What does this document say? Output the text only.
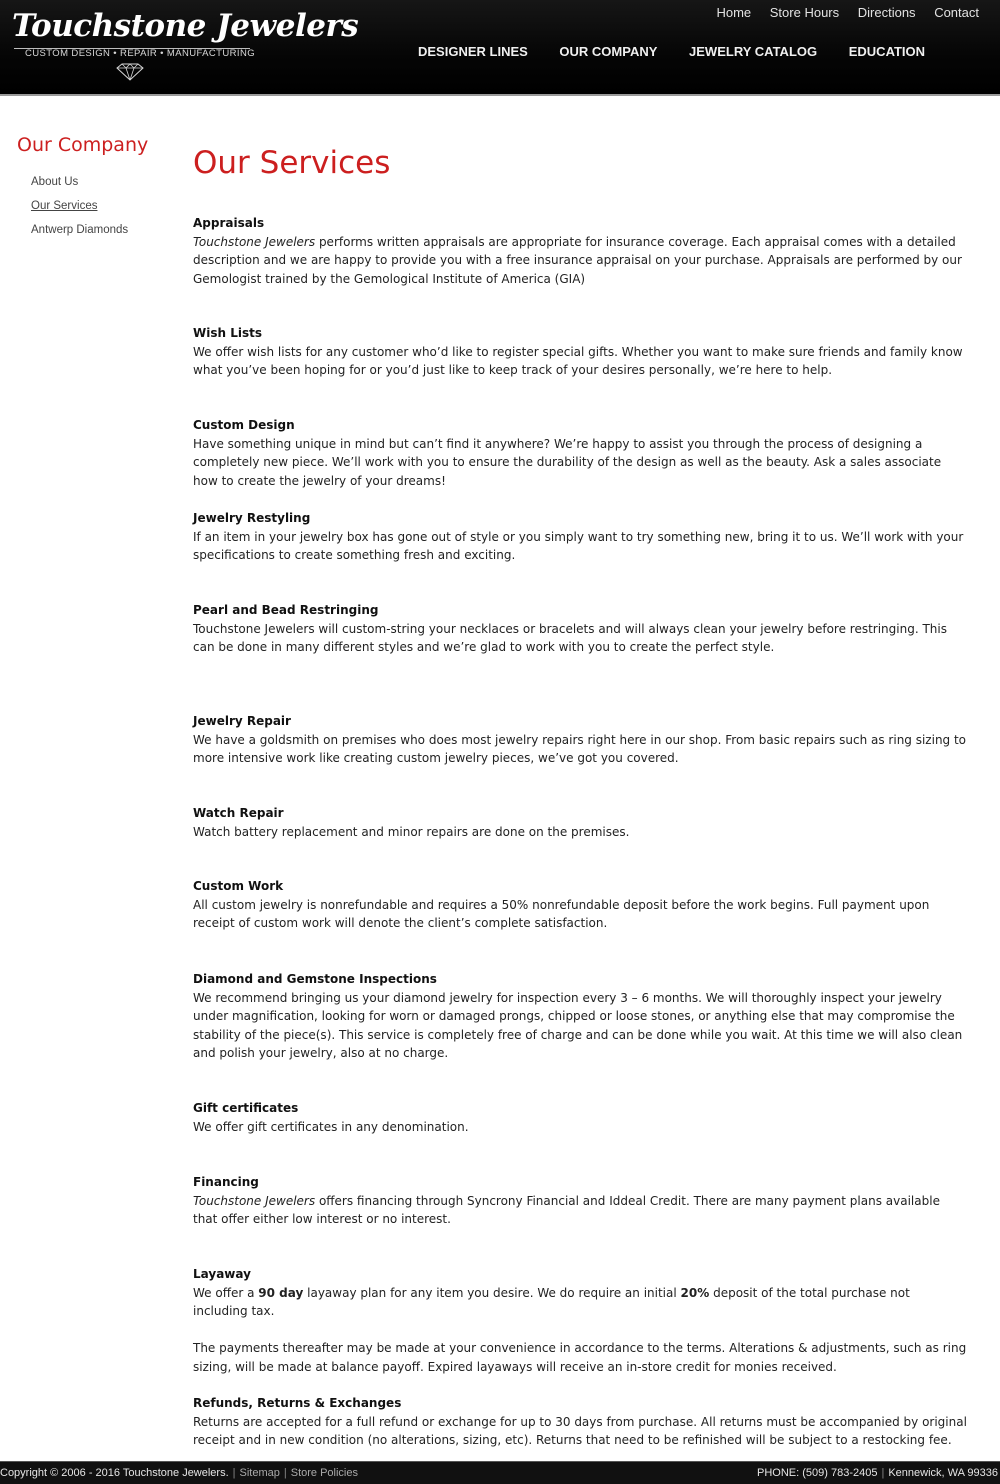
Touchstone Jewelers
CUSTOM DESIGN • REPAIR • MANUFACTURING
Home Store Hours Directions Contact
DESIGNER LINES OUR COMPANY JEWELRY CATALOG EDUCATION
Our Company
About Us
Our Services
Antwerp Diamonds
Our Services
Appraisals

Touchstone Jewelers performs written appraisals are appropriate for insurance coverage. Each appraisal comes with a detailed description and we are happy to provide you with a free insurance appraisal on your purchase. Appraisals are performed by our Gemologist trained by the Gemological Institute of America (GIA)

Wish Lists

We offer wish lists for any customer who’d like to register special gifts. Whether you want to make sure friends and family know what you’ve been hoping for or you’d just like to keep track of your desires personally, we’re here to help.

Custom Design

Have something unique in mind but can’t find it anywhere? We’re happy to assist you through the process of designing a completely new piece. We’ll work with you to ensure the durability of the design as well as the beauty. Ask a sales associate how to create the jewelry of your dreams!

Jewelry Restyling

If an item in your jewelry box has gone out of style or you simply want to try something new, bring it to us. We’ll work with your specifications to create something fresh and exciting.

Pearl and Bead Restringing

Touchstone Jewelers will custom-string your necklaces or bracelets and will always clean your jewelry before restringing. This can be done in many different styles and we’re glad to work with you to create the perfect style.

Jewelry Repair

We have a goldsmith on premises who does most jewelry repairs right here in our shop. From basic repairs such as ring sizing to more intensive work like creating custom jewelry pieces, we’ve got you covered.

Watch Repair

Watch battery replacement and minor repairs are done on the premises.

Custom Work

All custom jewelry is nonrefundable and requires a 50% nonrefundable deposit before the work begins. Full payment upon receipt of custom work will denote the client’s complete satisfaction.

Diamond and Gemstone Inspections

We recommend bringing us your diamond jewelry for inspection every 3 – 6 months. We will thoroughly inspect your jewelry under magnification, looking for worn or damaged prongs, chipped or loose stones, or anything else that may compromise the stability of the piece(s). This service is completely free of charge and can be done while you wait. At this time we will also clean and polish your jewelry, also at no charge.

Gift certificates

We offer gift certificates in any denomination.

Financing

Touchstone Jewelers offers financing through Syncrony Financial and Iddeal Credit. There are many payment plans available that offer either low interest or no interest.

Layaway

We offer a 90 day layaway plan for any item you desire. We do require an initial 20% deposit of the total purchase not including tax.

The payments thereafter may be made at your convenience in accordance to the terms. Alterations & adjustments, such as ring sizing, will be made at balance payoff. Expired layaways will receive an in-store credit for monies received.

Refunds, Returns & Exchanges

Returns are accepted for a full refund or exchange for up to 30 days from purchase. All returns must be accompanied by original receipt and in new condition (no alterations, sizing, etc). Returns that need to be refinished will be subject to a restocking fee.

Copyright © 2006 - 2016 Touchstone Jewelers. | Sitemap | Store Policies	PHONE: (509) 783-2405 | Kennewick, WA 99336
